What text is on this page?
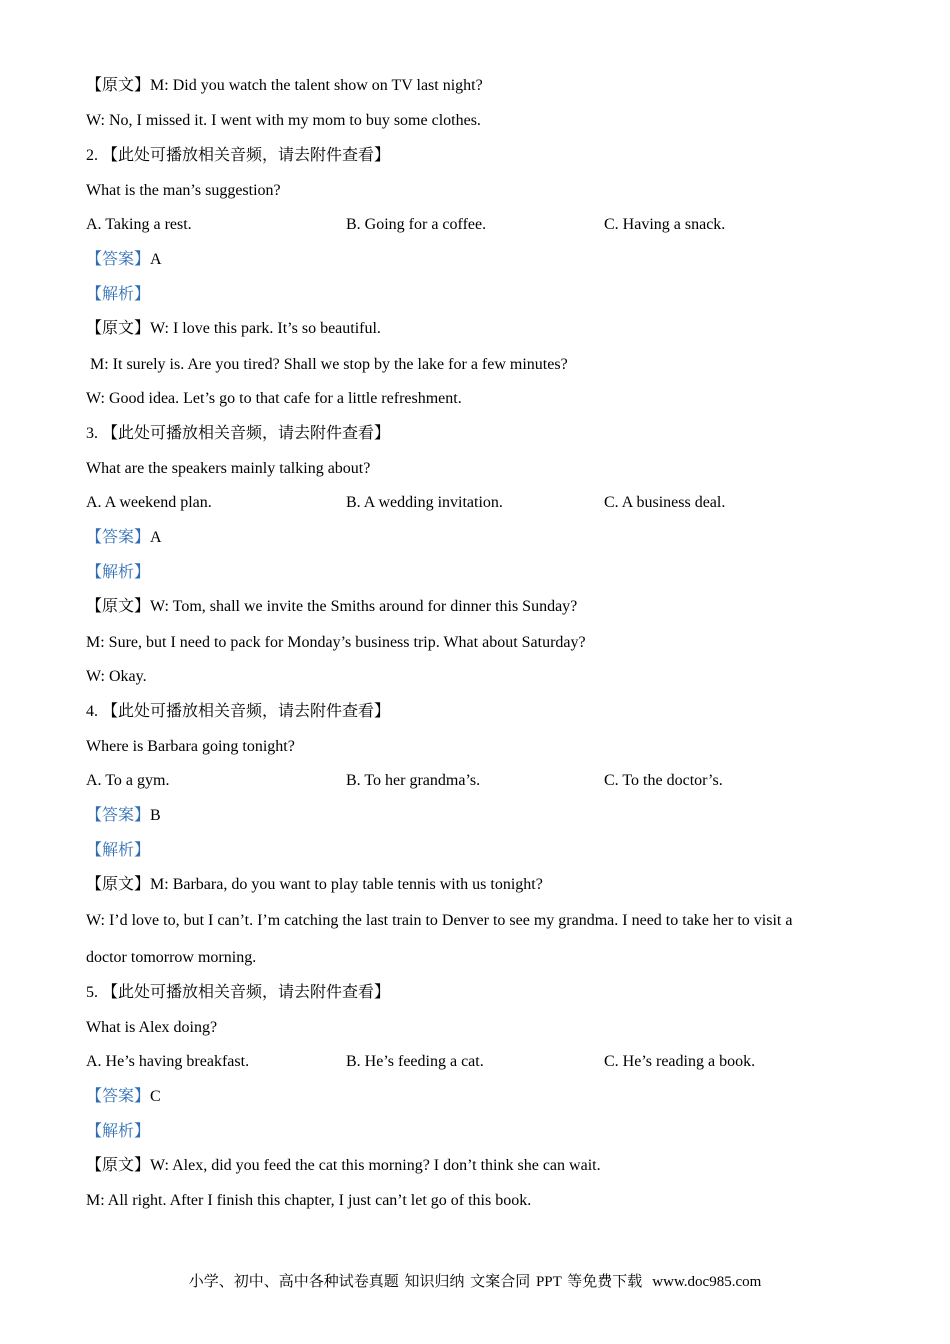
【原文】M: Did you watch the talent show on TV last night?
W: No, I missed it. I went with my mom to buy some clothes.
2. 【此处可播放相关音频，请去附件查看】
What is the man’s suggestion?
A. Taking a rest.	B. Going for a coffee.	C. Having a snack.
【答案】A
【解析】
【原文】W: I love this park. It’s so beautiful.
M: It surely is. Are you tired? Shall we stop by the lake for a few minutes?
W: Good idea. Let’s go to that cafe for a little refreshment.
3. 【此处可播放相关音频，请去附件查看】
What are the speakers mainly talking about?
A. A weekend plan.	B. A wedding invitation.	C. A business deal.
【答案】A
【解析】
【原文】W: Tom, shall we invite the Smiths around for dinner this Sunday?
M: Sure, but I need to pack for Monday’s business trip. What about Saturday?
W: Okay.
4. 【此处可播放相关音频，请去附件查看】
Where is Barbara going tonight?
A. To a gym.	B. To her grandma’s.	C. To the doctor’s.
【答案】B
【解析】
【原文】M: Barbara, do you want to play table tennis with us tonight?
W: I’d love to, but I can’t. I’m catching the last train to Denver to see my grandma. I need to take her to visit a
doctor tomorrow morning.
5. 【此处可播放相关音频，请去附件查看】
What is Alex doing?
A. He’s having breakfast.	B. He’s feeding a cat.	C. He’s reading a book.
【答案】C
【解析】
【原文】W: Alex, did you feed the cat this morning? I don’t think she can wait.
M: All right. After I finish this chapter, I just can’t let go of this book.
小学、初中、高中各种试卷真题 知识归纳 文案合同 PPT 等免费下载 www.doc985.com
